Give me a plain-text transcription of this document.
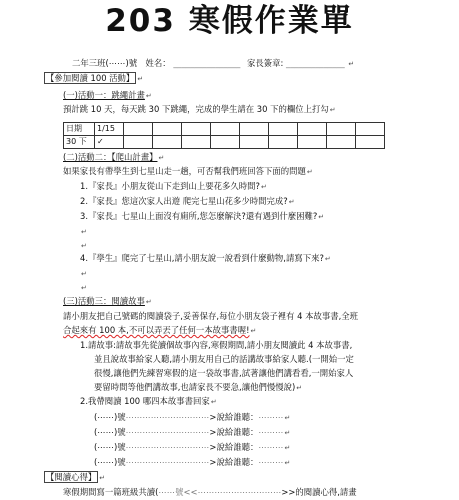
203 寒假作業單
二年三班(⋯⋯)號　姓名： ________________ 家長簽章: ______________ ↵
【參加閱讀 100 活動】 ↵
(一)活動一：跳繩計畫↵
預計跳 10 天，每天跳 30 下跳繩，完成的學生請在 30 下的欄位上打勾↵
日期	1/15									
30 下	✓									
(二)活動二：【爬山計畫】↵
如果家長有帶學生到七星山走一趟，可否幫我們班回答下面的問題↵
1.『家長』小朋友從山下走到山上要花多久時間?↵
2.『家長』您這次家人出遊 爬完七星山花多少時間完成?↵
3.『家長』七星山上面沒有廁所,您怎麼解決?還有遇到什麼困難?↵
↵
↵
4.『學生』爬完了七星山,請小朋友說一說看到什麼動物,請寫下來?↵
↵
↵
(三)活動三：閱讀故事↵
請小朋友把自己號碼的閱讀袋子,妥善保存,每位小朋友袋子裡有 4 本故事書,全班
合起來有 100 本,不可以弄丟了任何一本故事書喔!↵
1.請故事:請故事先從讀個故事內容,寒假期間,請小朋友閱讀此 4 本故事書,
並且說故事給家人聽,請小朋友用自己的話講故事給家人聽.(一開始一定
很慢,讓他們先練習寒假的這一袋故事書,試著讓他們講看看,一開始家人
要留時間等他們講故事,也請家長不要急,讓他們慢慢說)↵
2.我帶閱讀 100 哪四本故事書回家↵
(⋯⋯)號⋯⋯⋯⋯⋯⋯⋯⋯⋯⋯>說給誰聽：⋯⋯⋯↵
(⋯⋯)號⋯⋯⋯⋯⋯⋯⋯⋯⋯⋯>說給誰聽：⋯⋯⋯↵
(⋯⋯)號⋯⋯⋯⋯⋯⋯⋯⋯⋯⋯>說給誰聽：⋯⋯⋯↵
(⋯⋯)號⋯⋯⋯⋯⋯⋯⋯⋯⋯⋯>說給誰聽：⋯⋯⋯↵
【閱讀心得】 ↵
寒假期間寫一篇班級共讀(⋯⋯號<<⋯⋯⋯⋯⋯⋯⋯⋯⋯⋯>>的閱讀心得,請畫
